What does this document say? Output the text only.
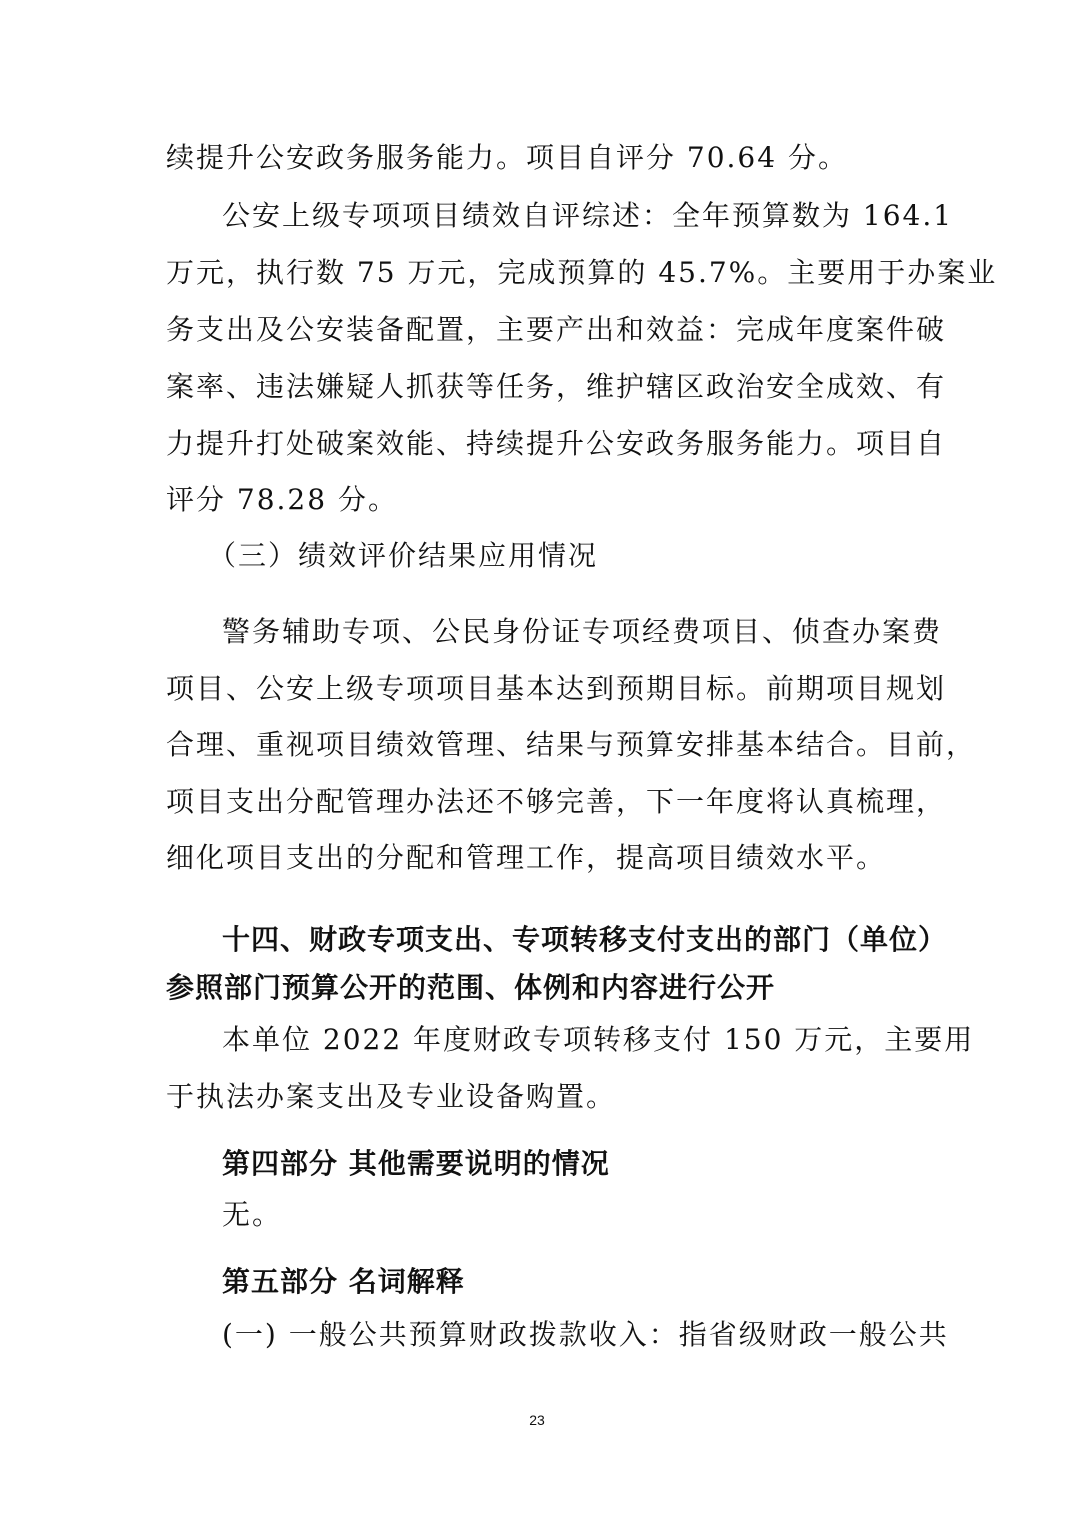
续提升公安政务服务能力。项目自评分 70.64 分。
公安上级专项项目绩效自评综述：全年预算数为 164.1
万元，执行数 75 万元，完成预算的 45.7%。主要用于办案业
务支出及公安装备配置，主要产出和效益：完成年度案件破
案率、违法嫌疑人抓获等任务，维护辖区政治安全成效、有
力提升打处破案效能、持续提升公安政务服务能力。项目自
评分 78.28 分。
（三）绩效评价结果应用情况
警务辅助专项、公民身份证专项经费项目、侦查办案费
项目、公安上级专项项目基本达到预期目标。前期项目规划
合理、重视项目绩效管理、结果与预算安排基本结合。目前，
项目支出分配管理办法还不够完善，下一年度将认真梳理，
细化项目支出的分配和管理工作，提高项目绩效水平。
十四、财政专项支出、专项转移支付支出的部门（单位）
参照部门预算公开的范围、体例和内容进行公开
本单位 2022 年度财政专项转移支付 150 万元，主要用
于执法办案支出及专业设备购置。
第四部分 其他需要说明的情况
无。
第五部分 名词解释
(一) 一般公共预算财政拨款收入：指省级财政一般公共
23
